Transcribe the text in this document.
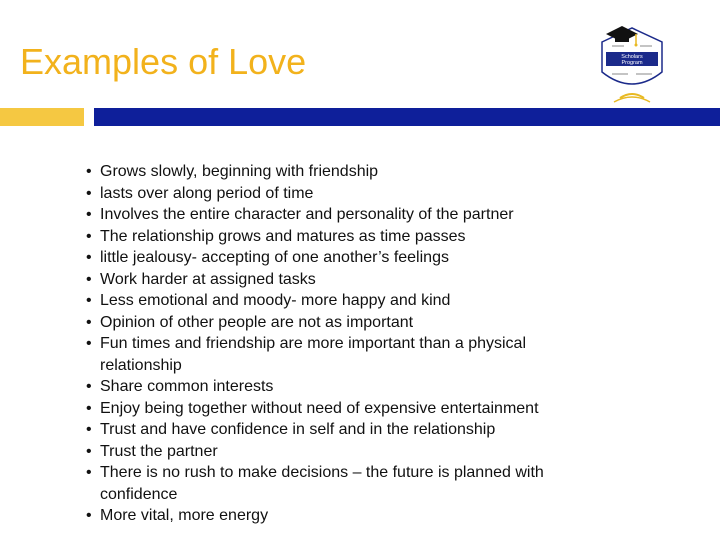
Examples of Love	Scholars
Program
• Grows slowly, beginning with friendship
• lasts over along period of time
• Involves the entire character and personality of the partner
• The relationship grows and matures as time passes
• little jealousy- accepting of one another’s feelings
• Work harder at assigned tasks
• Less emotional and moody- more happy and kind
• Opinion of other people are not as important
• Fun times and friendship are more important than a physical relationship
• Share common interests
• Enjoy being together without need of expensive entertainment
• Trust and have confidence in self and in the relationship
• Trust the partner
• There is no rush to make decisions – the future is planned with confidence
• More vital, more energy
